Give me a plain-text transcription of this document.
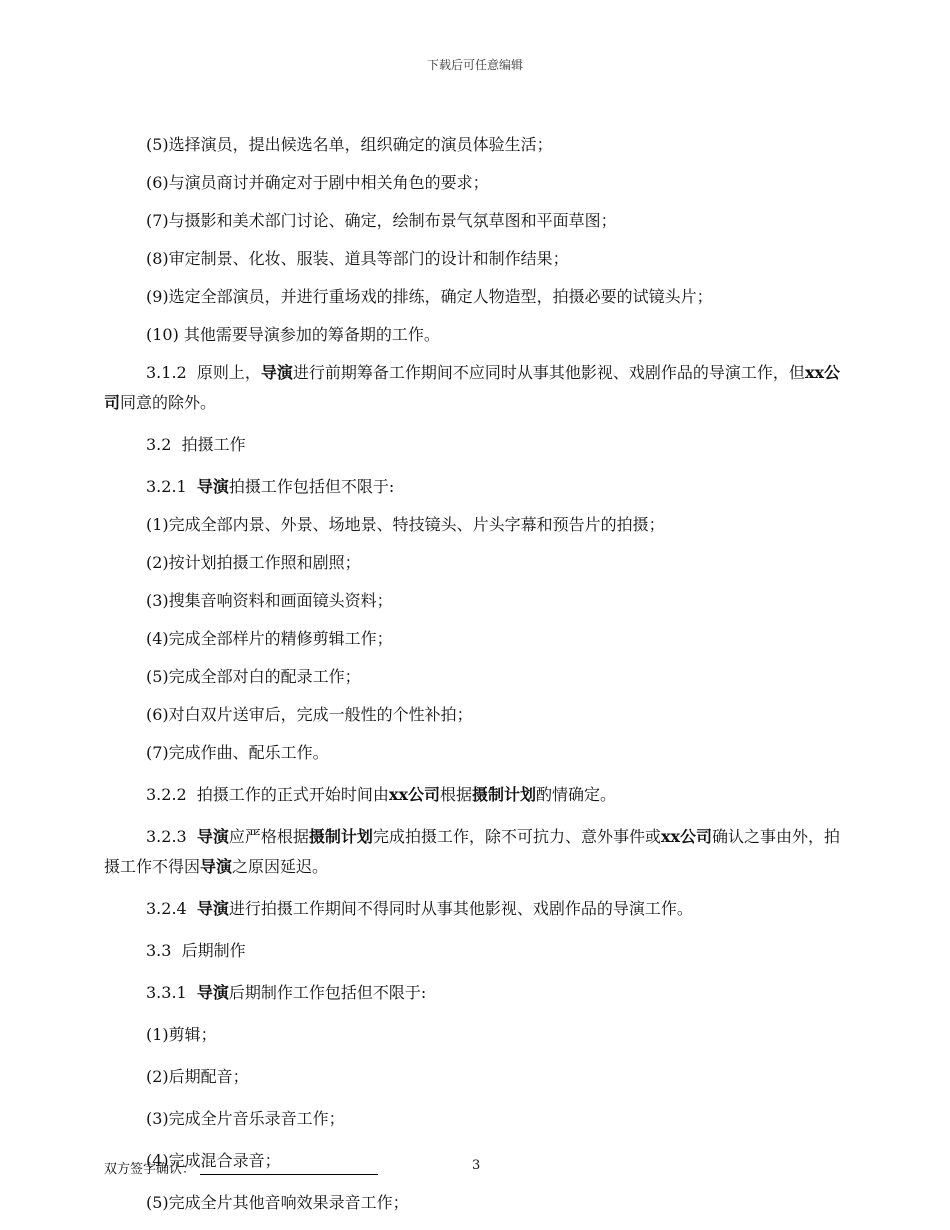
下载后可任意编辑

(5)选择演员，提出候选名单，组织确定的演员体验生活；

(6)与演员商讨并确定对于剧中相关角色的要求；

(7)与摄影和美术部门讨论、确定，绘制布景气氛草图和平面草图；

(8)审定制景、化妆、服装、道具等部门的设计和制作结果；

(9)选定全部演员，并进行重场戏的排练，确定人物造型，拍摄必要的试镜头片；

(10) 其他需要导演参加的筹备期的工作。

3.1.2 原则上，导演进行前期筹备工作期间不应同时从事其他影视、戏剧作品的导演工作，但xx公司同意的除外。

3.2 拍摄工作

3.2.1 导演拍摄工作包括但不限于:

(1)完成全部内景、外景、场地景、特技镜头、片头字幕和预告片的拍摄；

(2)按计划拍摄工作照和剧照；

(3)搜集音响资料和画面镜头资料；

(4)完成全部样片的精修剪辑工作；

(5)完成全部对白的配录工作；

(6)对白双片送审后，完成一般性的个性补拍；

(7)完成作曲、配乐工作。

3.2.2 拍摄工作的正式开始时间由xx公司根据摄制计划酌情确定。

3.2.3 导演应严格根据摄制计划完成拍摄工作，除不可抗力、意外事件或xx公司确认之事由外，拍摄工作不得因导演之原因延迟。

3.2.4 导演进行拍摄工作期间不得同时从事其他影视、戏剧作品的导演工作。

3.3 后期制作

3.3.1 导演后期制作工作包括但不限于:

(1)剪辑；

(2)后期配音；

(3)完成全片音乐录音工作；

(4)完成混合录音；

(5)完成全片其他音响效果录音工作；

双方签字确认：	3
